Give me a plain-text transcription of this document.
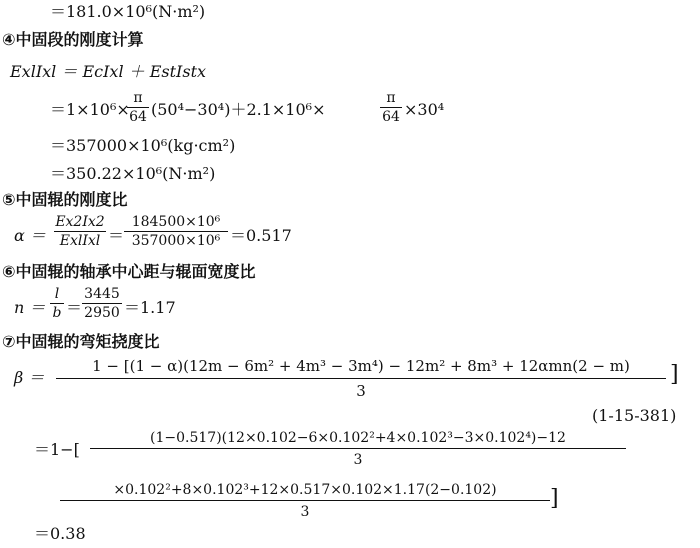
＝181.0×10⁶(N·m²)
④中固段的刚度计算
ExlIxl ＝ EcIxl ＋ EstIstx
＝1×10⁶×
$\frac{\pi}{64} (50^4-30^4)+2.1\times 10^6\times$	$\frac{\pi}{64} \times 30^4$
＝357000×10⁶(kg·cm²)
＝350.22×10⁶(N·m²)
⑤中固辊的刚度比
α ＝
Ex2Ix2
ExlIxl ＝ $\frac{\text{184500×10⁶}}{\text{357000×10⁶}} =0.517$
⑥中固辊的轴承中心距与辊面宽度比
$n = \frac{l}{b} = \frac{3445}{2950} =1.17$
⑦中固辊的弯矩挠度比
β ＝
1 − [(1 − α)(12m − 6m² + 4m³ − 3m⁴) − 12m² + 8m³ + 12αmn(2 − m)
3
]
(1-15-381)
＝1−[
(1−0.517)(12×0.102−6×0.102²+4×0.102³−3×0.102⁴)−12
3
×0.102²+8×0.102³+12×0.517×0.102×1.17(2−0.102)
3
]
＝0.38
